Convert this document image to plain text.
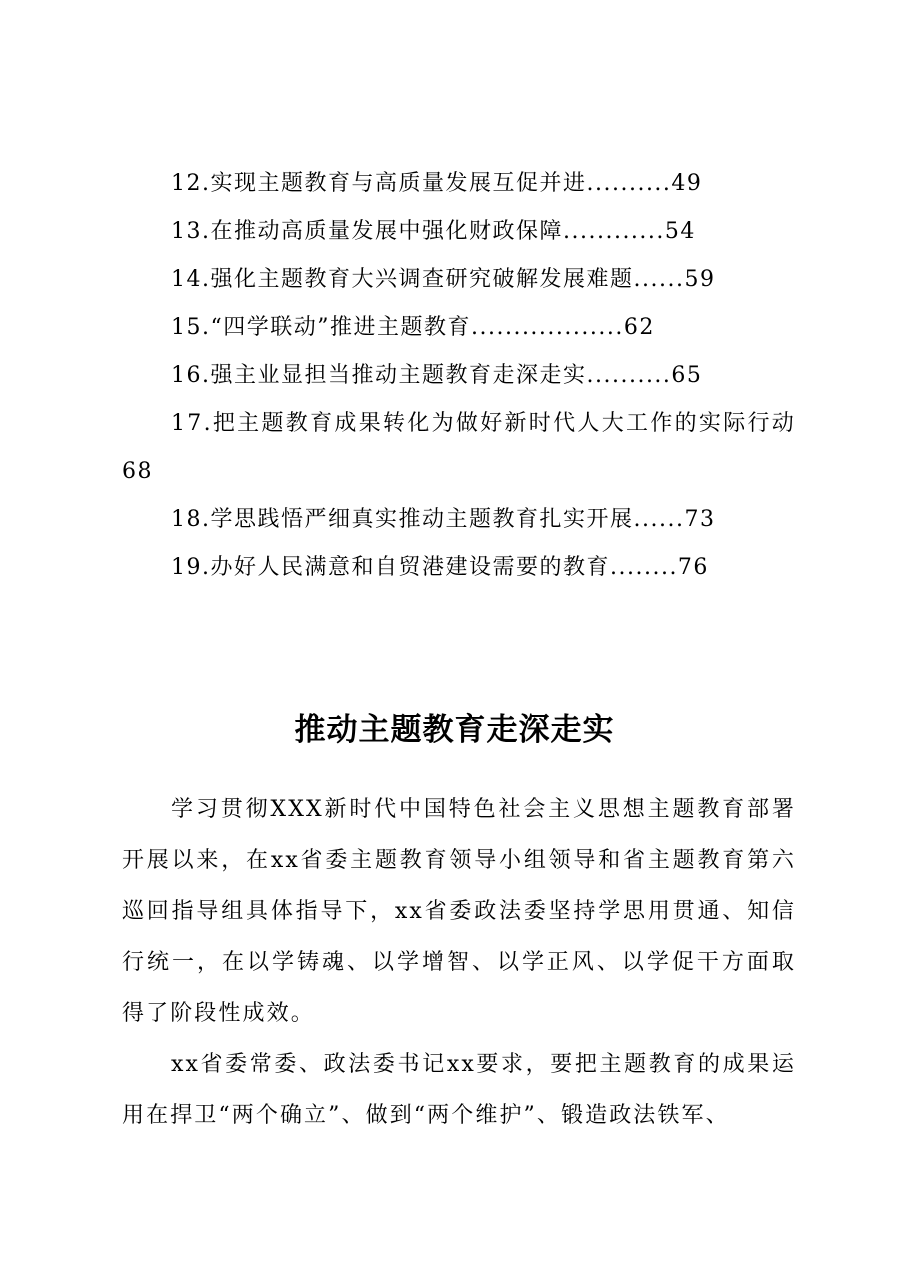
12.实现主题教育与高质量发展互促并进..........49
13.在推动高质量发展中强化财政保障............54
14.强化主题教育大兴调查研究破解发展难题......59
15.“四学联动”推进主题教育..................62
16.强主业显担当推动主题教育走深走实..........65
17.把主题教育成果转化为做好新时代人大工作的实际行动
68
18.学思践悟严细真实推动主题教育扎实开展......73
19.办好人民满意和自贸港建设需要的教育........76
推动主题教育走深走实

学习贯彻XXX新时代中国特色社会主义思想主题教育部署开展以来，在xx省委主题教育领导小组领导和省主题教育第六巡回指导组具体指导下，xx省委政法委坚持学思用贯通、知信行统一，在以学铸魂、以学增智、以学正风、以学促干方面取得了阶段性成效。

xx省委常委、政法委书记xx要求，要把主题教育的成果运用在捍卫“两个确立”、做到“两个维护”、锻造政法铁军、
